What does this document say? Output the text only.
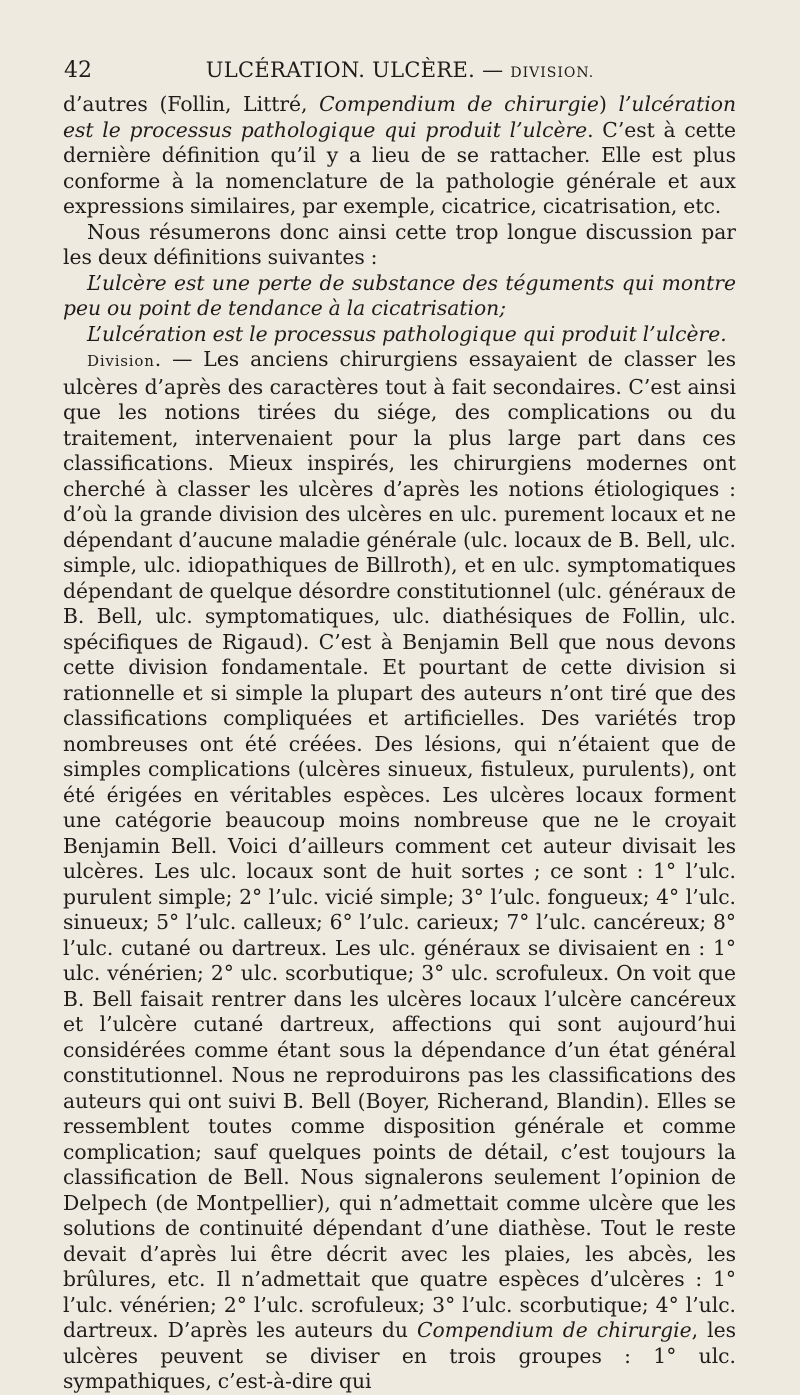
42	ULCÉRATION. ULCÈRE. — DIVISION.

d’autres (Follin, Littré, Compendium de chirurgie) l’ulcération est le processus pathologique qui produit l’ulcère. C’est à cette dernière définition qu’il y a lieu de se rattacher. Elle est plus conforme à la nomenclature de la pathologie générale et aux expressions similaires, par exemple, cicatrice, cicatrisation, etc.

Nous résumerons donc ainsi cette trop longue discussion par les deux définitions suivantes :

L’ulcère est une perte de substance des téguments qui montre peu ou point de tendance à la cicatrisation;

L’ulcération est le processus pathologique qui produit l’ulcère.

Division. — Les anciens chirurgiens essayaient de classer les ulcères d’après des caractères tout à fait secondaires. C’est ainsi que les notions tirées du siége, des complications ou du traitement, intervenaient pour la plus large part dans ces classifications. Mieux inspirés, les chirurgiens modernes ont cherché à classer les ulcères d’après les notions étiologiques : d’où la grande division des ulcères en ulc. purement locaux et ne dépendant d’aucune maladie générale (ulc. locaux de B. Bell, ulc. simple, ulc. idiopathiques de Billroth), et en ulc. symptomatiques dépendant de quelque désordre constitutionnel (ulc. généraux de B. Bell, ulc. symptomatiques, ulc. diathésiques de Follin, ulc. spécifiques de Rigaud). C’est à Benjamin Bell que nous devons cette division fondamentale. Et pourtant de cette division si rationnelle et si simple la plupart des auteurs n’ont tiré que des classifications compliquées et artificielles. Des variétés trop nombreuses ont été créées. Des lésions, qui n’étaient que de simples complications (ulcères sinueux, fistuleux, purulents), ont été érigées en véritables espèces. Les ulcères locaux forment une catégorie beaucoup moins nombreuse que ne le croyait Benjamin Bell. Voici d’ailleurs comment cet auteur divisait les ulcères. Les ulc. locaux sont de huit sortes ; ce sont : 1° l’ulc. purulent simple; 2° l’ulc. vicié simple; 3° l’ulc. fongueux; 4° l’ulc. sinueux; 5° l’ulc. calleux; 6° l’ulc. carieux; 7° l’ulc. cancéreux; 8° l’ulc. cutané ou dartreux. Les ulc. généraux se divisaient en : 1° ulc. vénérien; 2° ulc. scorbutique; 3° ulc. scrofuleux. On voit que B. Bell faisait rentrer dans les ulcères locaux l’ulcère cancéreux et l’ulcère cutané dartreux, affections qui sont aujourd’hui considérées comme étant sous la dépendance d’un état général constitutionnel. Nous ne reproduirons pas les classifications des auteurs qui ont suivi B. Bell (Boyer, Richerand, Blandin). Elles se ressemblent toutes comme disposition générale et comme complication; sauf quelques points de détail, c’est toujours la classification de Bell. Nous signalerons seulement l’opinion de Delpech (de Montpellier), qui n’admettait comme ulcère que les solutions de continuité dépendant d’une diathèse. Tout le reste devait d’après lui être décrit avec les plaies, les abcès, les brûlures, etc. Il n’admettait que quatre espèces d’ulcères : 1° l’ulc. vénérien; 2° l’ulc. scrofuleux; 3° l’ulc. scorbutique; 4° l’ulc. dartreux. D’après les auteurs du Compendium de chirurgie, les ulcères peuvent se diviser en trois groupes : 1° ulc. sympathiques, c’est-à-dire qui
